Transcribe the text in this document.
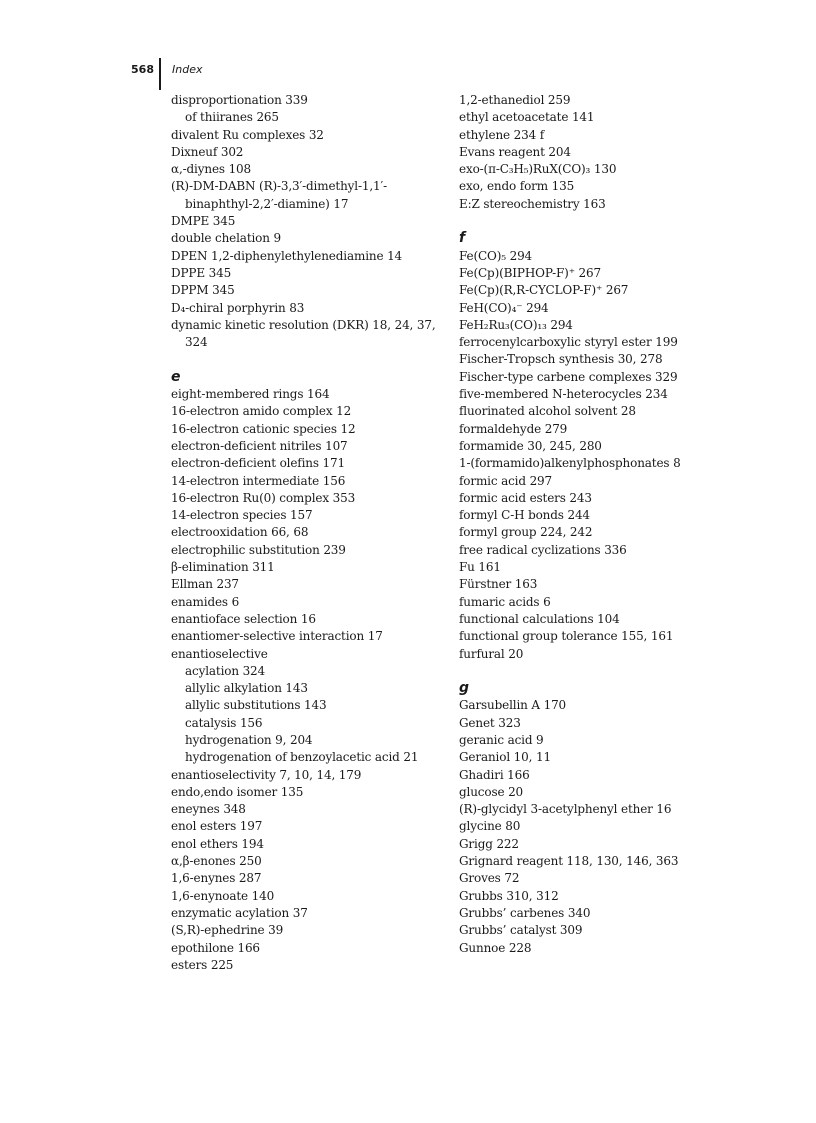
568 Index
disproportionation 339
of thiiranes 265
divalent Ru complexes 32
Dixneuf 302
α,-diynes 108
(R)-DM-DABN (R)-3,3′-dimethyl-1,1′-
binaphthyl-2,2′-diamine) 17
DMPE 345
double chelation 9
DPEN 1,2-diphenylethylenediamine 14
DPPE 345
DPPM 345
D₄-chiral porphyrin 83
dynamic kinetic resolution (DKR) 18, 24, 37,
324
e
eight-membered rings 164
16-electron amido complex 12
16-electron cationic species 12
electron-deficient nitriles 107
electron-deficient olefins 171
14-electron intermediate 156
16-electron Ru(0) complex 353
14-electron species 157
electrooxidation 66, 68
electrophilic substitution 239
β-elimination 311
Ellman 237
enamides 6
enantioface selection 16
enantiomer-selective interaction 17
enantioselective
acylation 324
allylic alkylation 143
allylic substitutions 143
catalysis 156
hydrogenation 9, 204
hydrogenation of benzoylacetic acid 21
enantioselectivity 7, 10, 14, 179
endo,endo isomer 135
eneynes 348
enol esters 197
enol ethers 194
α,β-enones 250
1,6-enynes 287
1,6-enynoate 140
enzymatic acylation 37
(S,R)-ephedrine 39
epothilone 166
esters 225
1,2-ethanediol 259
ethyl acetoacetate 141
ethylene 234 f
Evans reagent 204
exo-(π-C₃H₅)RuX(CO)₃ 130
exo, endo form 135
E:Z stereochemistry 163
f
Fe(CO)₅ 294
Fe(Cp)(BIPHOP-F)⁺ 267
Fe(Cp)(R,R-CYCLOP-F)⁺ 267
FeH(CO)₄⁻ 294
FeH₂Ru₃(CO)₁₃ 294
ferrocenylcarboxylic styryl ester 199
Fischer-Tropsch synthesis 30, 278
Fischer-type carbene complexes 329
five-membered N-heterocycles 234
fluorinated alcohol solvent 28
formaldehyde 279
formamide 30, 245, 280
1-(formamido)alkenylphosphonates 8
formic acid 297
formic acid esters 243
formyl C-H bonds 244
formyl group 224, 242
free radical cyclizations 336
Fu 161
Fürstner 163
fumaric acids 6
functional calculations 104
functional group tolerance 155, 161
furfural 20
g
Garsubellin A 170
Genet 323
geranic acid 9
Geraniol 10, 11
Ghadiri 166
glucose 20
(R)-glycidyl 3-acetylphenyl ether 16
glycine 80
Grigg 222
Grignard reagent 118, 130, 146, 363
Groves 72
Grubbs 310, 312
Grubbs’ carbenes 340
Grubbs’ catalyst 309
Gunnoe 228
